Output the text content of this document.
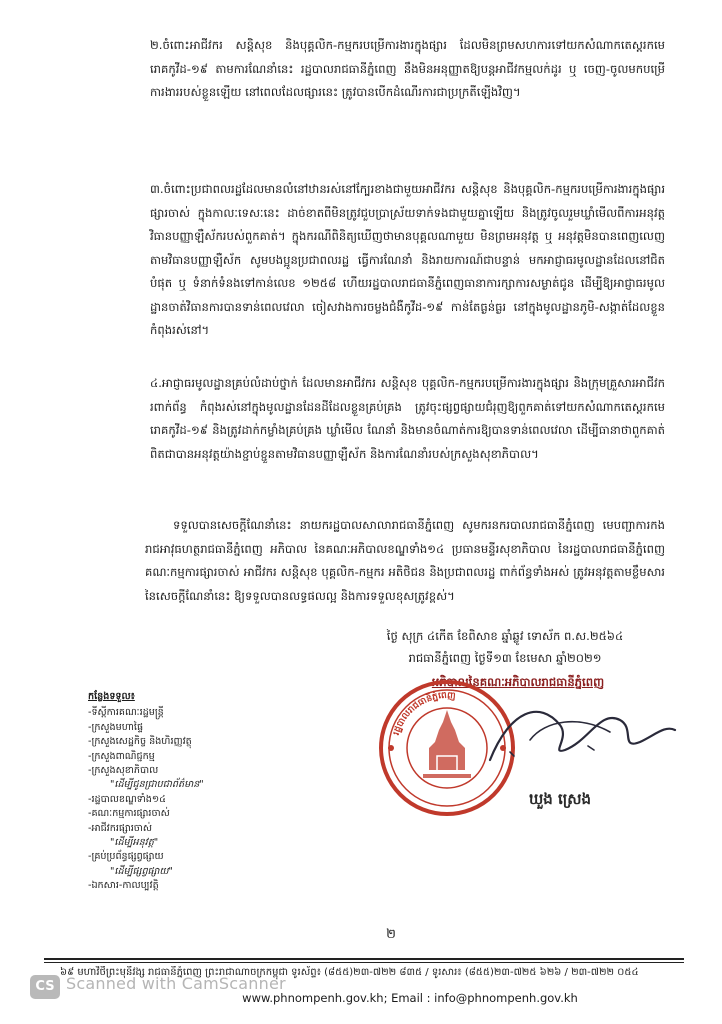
២.ចំពោះអាជីវករ សន្តិសុខ និងបុគ្គលិក-កម្មករបម្រើការងារក្នុងផ្សារ ដែលមិនព្រមសហការទៅយកសំណាកតេស្តរកមេរោគកូវីដ-១៩ តាមការណែនាំនេះ រដ្ឋបាលរាជធានីភ្នំពេញ នឹងមិនអនុញ្ញាតឱ្យបន្តអាជីវកម្មលក់ដូរ ឬ ចេញ-ចូលមកបម្រើការងាររបស់ខ្លួនឡើយ នៅពេលដែលផ្សារនេះ ត្រូវបានបើកដំណើរការជាប្រក្រតីឡើងវិញ។

៣.ចំពោះប្រជាពលរដ្ឋដែលមានលំនៅឋានរស់នៅក្បែរខាងជាមួយអាជីវករ សន្តិសុខ និងបុគ្គលិក-កម្មករបម្រើការងារក្នុងផ្សារផ្សារចាស់ ក្នុងកាលៈទេសៈនេះ ដាច់ខាតពីមិនត្រូវជួបប្រាស្រ័យទាក់ទងជាមួយគ្នាឡើយ និងត្រូវចូលរួមឃ្លាំមើលពីការអនុវត្តវិធានបញ្ញាឡឺស័ករបស់ពួកគាត់។ ក្នុងករណីពិនិត្យឃើញថាមានបុគ្គលណាមួយ មិនព្រមអនុវត្ត ឬ អនុវត្តមិនបានពេញលេញតាមវិធានបញ្ញាឡឺស័ក សូមបងប្អូនប្រជាពលរដ្ឋ ធ្វើការណែនាំ និងរាយការណ៍ជាបន្ទាន់ មកអាជ្ញាធរមូលដ្ឋានដែលនៅជិតបំផុត ឬ ទំនាក់ទំនងទៅកាន់លេខ ១២៥៨ ហើយរដ្ឋបាលរាជធានីភ្នំពេញធានាការក្សាការសម្ងាត់ជូន ដើម្បីឱ្យអាជ្ញាធរមូលដ្ឋានចាត់វិធានការបានទាន់ពេលវេលា ចៀសវាងការចម្លងជំងឺកូវីដ-១៩ កាន់តែធ្ងន់ធ្ងរ នៅក្នុងមូលដ្ឋានភូមិ-សង្កាត់ដែលខ្លួនកំពុងរស់នៅ។

៤.អាជ្ញាធរមូលដ្ឋានគ្រប់លំដាប់ថ្នាក់ ដែលមានអាជីវករ សន្តិសុខ បុគ្គលិក-កម្មករបម្រើការងារក្នុងផ្សារ និងក្រុមគ្រួសារអាជីវករពាក់ព័ន្ធ កំពុងរស់នៅក្នុងមូលដ្ឋានដែនដីដែលខ្លួនគ្រប់គ្រង ត្រូវចុះផ្សព្វផ្សាយជំរុញឱ្យពួកគាត់ទៅយកសំណាកតេស្តរកមេរោគកូវីដ-១៩ និងត្រូវដាក់កម្លាំងគ្រប់គ្រង ឃ្លាំមើល ណែនាំ និងមានចំណាត់ការឱ្យបានទាន់ពេលវេលា ដើម្បីធានាថាពួកគាត់ពិតជាបានអនុវត្តយ៉ាងខ្ជាប់ខ្ជួនតាមវិធានបញ្ញាឡឺស័ក និងការណែនាំរបស់ក្រសួងសុខាភិបាល។

ទទួលបានសេចក្តីណែនាំនេះ នាយករដ្ឋបាលសាលារាជធានីភ្នំពេញ សូមករនករបាលរាជធានីភ្នំពេញ មេបញ្ជាការកងរាជអាវុធហត្ថរាជធានីភ្នំពេញ អភិបាល នៃគណៈអភិបាលខណ្ឌទាំង១៤ ប្រធានមន្ទីរសុខាភិបាល នៃរដ្ឋបាលរាជធានីភ្នំពេញ គណៈកម្មការផ្សារចាស់ អាជីវករ សន្តិសុខ បុគ្គលិក-កម្មករ អតិថិជន និងប្រជាពលរដ្ឋ ពាក់ព័ន្ធទាំងអស់ ត្រូវអនុវត្តតាមខ្លឹមសារនៃសេចក្តីណែនាំនេះ ឱ្យទទួលបានលទ្ធផលល្អ និងការទទួលខុសត្រូវខ្ពស់។

ថ្ងៃ សុក្រ ៤កើត ខែពិសាខ ឆ្នាំឆ្លូវ ទោស័ក ព.ស.២៥៦៤
រាជធានីភ្នំពេញ ថ្ងៃទី១៣ ខែមេសា ឆ្នាំ២០២១
អភិបាលនៃគណៈអភិបាលរាជធានីភ្នំពេញ
កន្លែងទទួល៖
-ទីស្តីការគណៈរដ្ឋមន្ត្រី
-ក្រសួងមហាផ្ទៃ
-ក្រសួងសេដ្ឋកិច្ច និងហិរញ្ញវត្ថុ
-ក្រសួងពាណិជ្ជកម្ម
-ក្រសួងសុខាភិបាល
"ដើម្បីជូនជ្រាបជាព័ត៌មាន"
-រដ្ឋបាលខណ្ឌទាំង១៤
-គណៈកម្មការផ្សារចាស់
-អាជីវករផ្សារចាស់
"ដើម្បីអនុវត្ត"
-គ្រប់ប្រព័ន្ធផ្សព្វផ្សាយ
"ដើម្បីផ្សព្វផ្សាយ"
-ឯកសារ-កាលប្បវត្តិ
រដ្ឋបាលរាជធានីភ្នំពេញ
ឃួង ស្រេង
២
៦៩ មហាវិថីព្រះមុនីវង្ស រាជធានីភ្នំពេញ ព្រះរាជាណាចក្រកម្ពុជា ទូរស័ព្ទ៖ (៨៥៥)២៣-៧២២ ៨៣៥ / ទូរសារ៖ (៨៥៥)២៣-៧២៥ ៦២៦ / ២៣-៧២២ ០៥៤
www.phnompenh.gov.kh; Email : info@phnompenh.gov.kh
CS Scanned with CamScanner
